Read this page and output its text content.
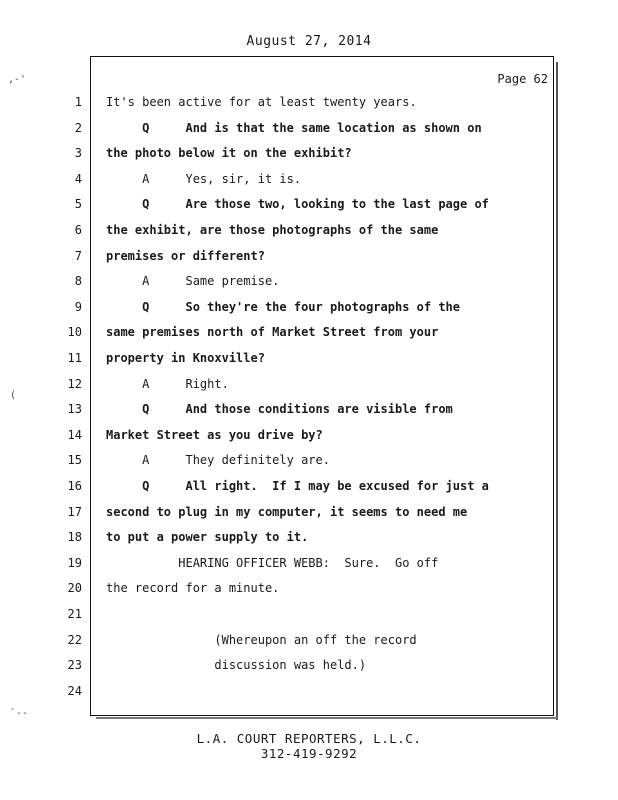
August 27, 2014
Page 62
1 It's been active for at least twenty years.
2 Q     And is that the same location as shown on
3 the photo below it on the exhibit?
4 A     Yes, sir, it is.
5 Q     Are those two, looking to the last page of
6 the exhibit, are those photographs of the same
7 premises or different?
8 A     Same premise.
9 Q     So they're the four photographs of the
10 same premises north of Market Street from your
11 property in Knoxville?
12 A     Right.
13 Q     And those conditions are visible from
14 Market Street as you drive by?
15 A     They definitely are.
16 Q     All right.  If I may be excused for just a
17 second to plug in my computer, it seems to need me
18 to put a power supply to it.
19 HEARING OFFICER WEBB:  Sure.  Go off
20 the record for a minute.
21
22 (Whereupon an off the record
23 discussion was held.)
24
L.A. COURT REPORTERS, L.L.C.
312-419-9292
,-'
(
`--
